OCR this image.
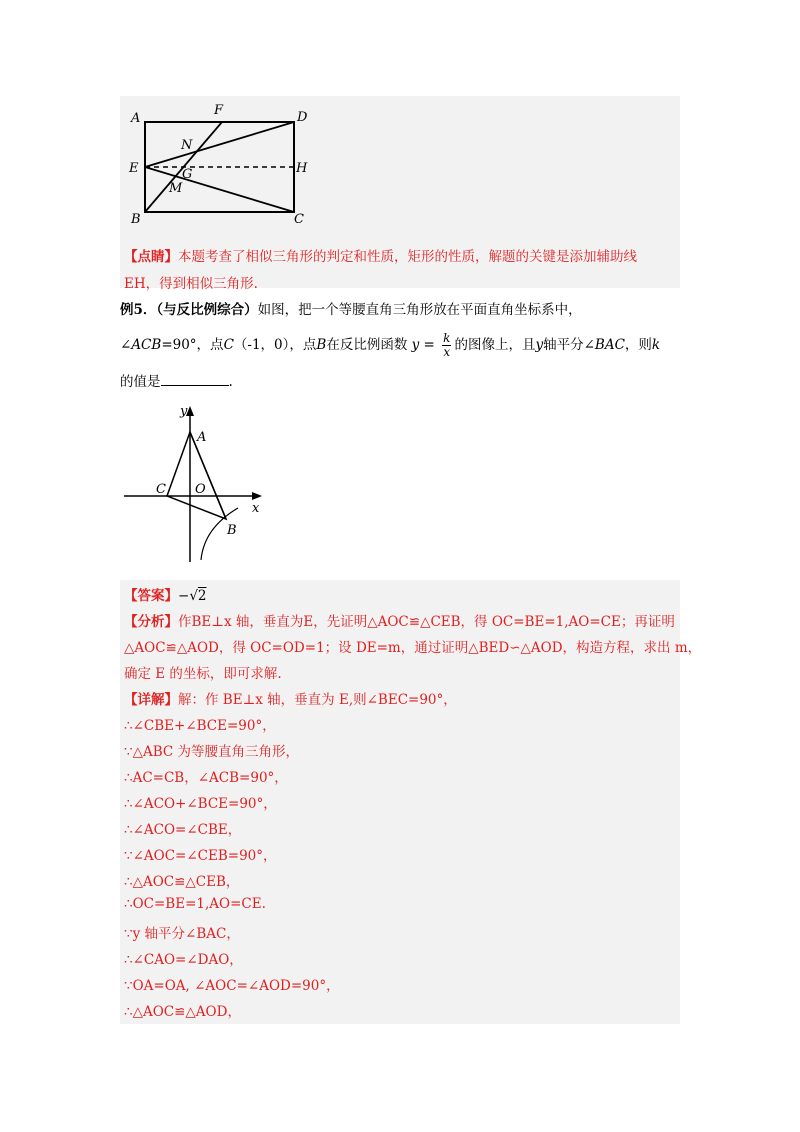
A
F	D
N
E	G	H
M
B	C
【点睛】本题考查了相似三角形的判定和性质，矩形的性质，解题的关键是添加辅助线
EH，得到相似三角形.
例5．（与反比例综合）如图，把一个等腰直角三角形放在平面直角坐标系中，
∠ACB=90°，点C（-1，0），点B在反比例函数 $y = \frac{k}{x}$ 的图像上，且y轴平分∠BAC，则k
的值是	.
y
A
C O
x
B
【答案】−√2
【分析】作BE⊥x 轴，垂直为E，先证明△AOC≌△CEB，得 OC=BE=1,AO=CE；再证明
△AOC≌△AOD，得 OC=OD=1；设 DE=m，通过证明△BED∽△AOD，构造方程，求出 m，
确定 E 的坐标，即可求解.
【详解】解：作 BE⊥x 轴，垂直为 E,则∠BEC=90°，
∴∠CBE+∠BCE=90°，
∵△ABC 为等腰直角三角形，
∴AC=CB，∠ACB=90°，
∴∠ACO+∠BCE=90°，
∴∠ACO=∠CBE，
∵∠AOC=∠CEB=90°，
∴△AOC≌△CEB，
∴OC=BE=1,AO=CE.
∵y 轴平分∠BAC，
∴∠CAO=∠DAO，
∵OA=OA, ∠AOC=∠AOD=90°，
∴△AOC≌△AOD，
